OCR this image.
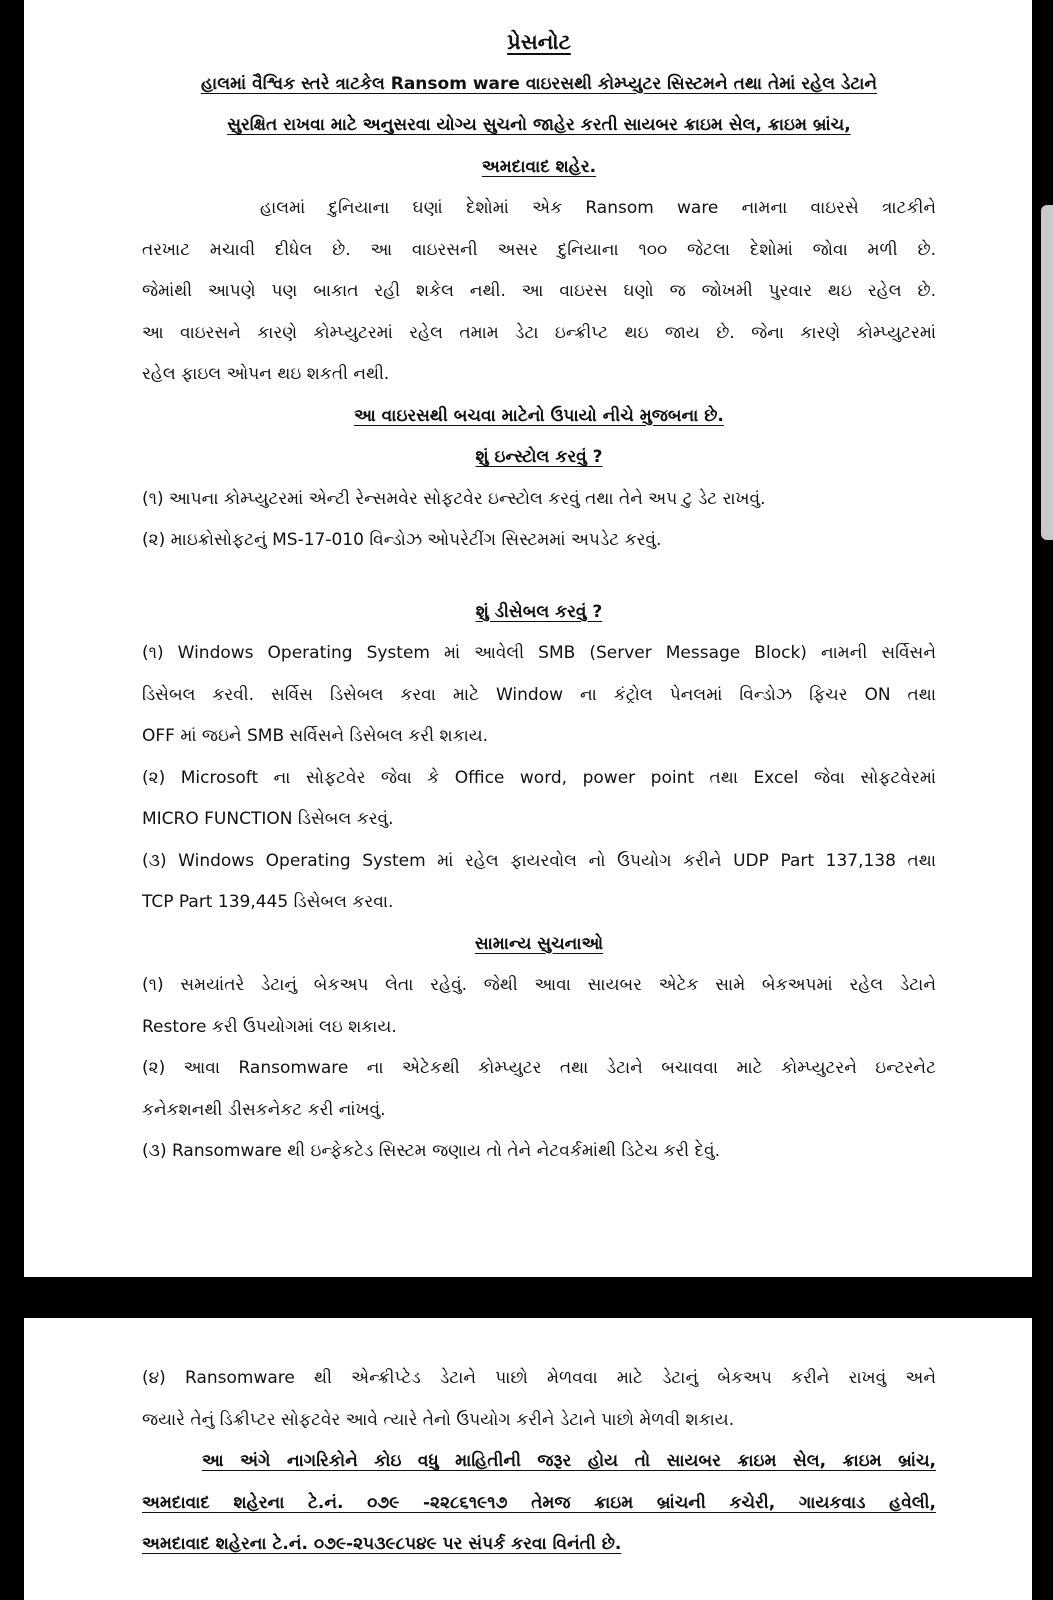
પ્રેસનોટ
હાલમાં વૈશ્વિક સ્તરે ત્રાટકેલ Ransom ware વાઇરસથી કોમ્પ્યુટર સિસ્ટમને તથા તેમાં રહેલ ડેટાને
સુરક્ષિત રાખવા માટે અનુસરવા યોગ્ય સુચનો જાહેર કરતી સાયબર ક્રાઇમ સેલ, ક્રાઇમ બ્રાંચ,
અમદાવાદ શહેર.
હાલમાં દુનિયાના ઘણાં દેશોમાં એક Ransom ware નામના વાઇરસે ત્રાટકીને
તરખાટ મચાવી દીધેલ છે. આ વાઇરસની અસર દુનિયાના ૧૦૦ જેટલા દેશોમાં જોવા મળી છે.
જેમાંથી આપણે પણ બાકાત રહી શકેલ નથી. આ વાઇરસ ઘણો જ જોખમી પુરવાર થઇ રહેલ છે.
આ વાઇરસને કારણે કોમ્પ્યુટરમાં રહેલ તમામ ડેટા ઇન્ક્રીપ્ટ થઇ જાય છે. જેના કારણે કોમ્પ્યુટરમાં
રહેલ ફાઇલ ઓપન થઇ શકતી નથી.
આ વાઇરસથી બચવા માટેનો ઉપાયો નીચે મુજબના છે.
શું ઇન્સ્ટોલ કરવું ?
(૧) આપના કોમ્પ્યુટરમાં એન્ટી રેન્સમવેર સોફટવેર ઇન્સ્ટોલ કરવું તથા તેને અપ ટુ ડેટ રાખવું.
(૨) માઇક્રોસોફટનું MS-17-010 વિન્ડોઝ ઓપરેટીંગ સિસ્ટમમાં અપડેટ કરવું.
શું ડીસેબલ કરવું ?
(૧) Windows Operating System માં આવેલી SMB (Server Message Block) નામની સર્વિસને
ડિસેબલ કરવી. સર્વિસ ડિસેબલ કરવા માટે Window ના કંટ્રોલ પેનલમાં વિન્ડોઝ ફિચર ON તથા
OFF માં જઇને SMB સર્વિસને ડિસેબલ કરી શકાય.
(૨) Microsoft ના સોફટવેર જેવા કે Office word, power point તથા Excel જેવા સોફટવેરમાં
MICRO FUNCTION ડિસેબલ કરવું.
(૩) Windows Operating System માં રહેલ ફાયરવોલ નો ઉપયોગ કરીને UDP Part 137,138 તથા
TCP Part 139,445 ડિસેબલ કરવા.
સામાન્ય સુચનાઓ
(૧) સમયાંતરે ડેટાનું બેકઅપ લેતા રહેવું. જેથી આવા સાયબર એટેક સામે બેકઅપમાં રહેલ ડેટાને
Restore કરી ઉપયોગમાં લઇ શકાય.
(૨) આવા Ransomware ના એટેકથી કોમ્પ્યુટર તથા ડેટાને બચાવવા માટે કોમ્પ્યુટરને ઇન્ટરનેટ
કનેકશનથી ડીસકનેકટ કરી નાંખવું.
(૩) Ransomware થી ઇન્ફેકટેડ સિસ્ટમ જણાય તો તેને નેટવર્કમાંથી ડિટેચ કરી દેવું.
(૪) Ransomware થી એન્ક્રીપ્ટેડ ડેટાને પાછો મેળવવા માટે ડેટાનું બેકઅપ કરીને રાખવું અને
જયારે તેનું ડિક્રીપ્ટર સોફટવેર આવે ત્યારે તેનો ઉપયોગ કરીને ડેટાને પાછો મેળવી શકાય.
આ અંગે નાગરિકોને કોઇ વધુ માહિતીની જરૂર હોય તો સાયબર ક્રાઇમ સેલ, ક્રાઇમ બ્રાંચ,
અમદાવાદ શહેરના ટે.નં. ૦૭૯ -૨૨૮૬૧૯૧૭ તેમજ ક્રાઇમ બ્રાંચની કચેરી, ગાયકવાડ હવેલી,
અમદાવાદ શહેરના ટે.નં. ૦૭૯-૨૫૩૯૮૫૪૯ પર સંપર્ક કરવા વિનંતી છે.
